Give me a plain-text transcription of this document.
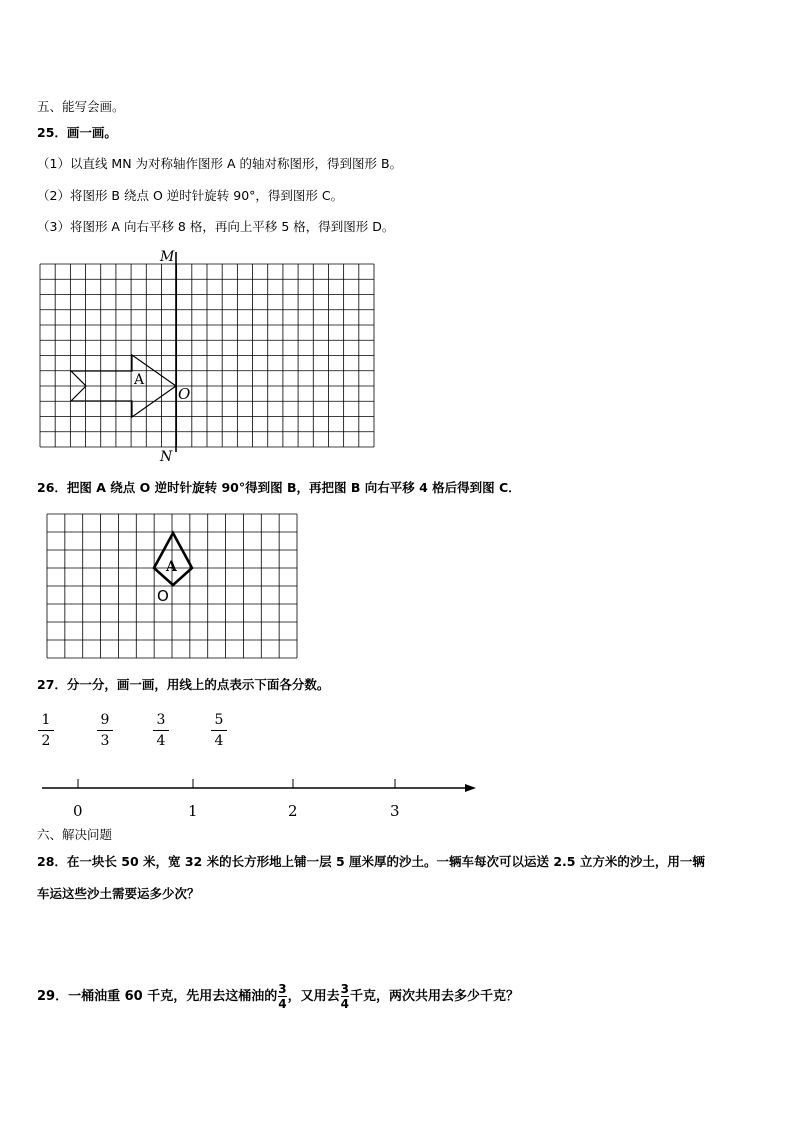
五、能写会画。
25．画一画。
（1）以直线 MN 为对称轴作图形 A 的轴对称图形，得到图形 B。
（2）将图形 B 绕点 O 逆时针旋转 90°，得到图形 C。
（3）将图形 A 向右平移 8 格，再向上平移 5 格，得到图形 D。
M
N
O
A
26．把图 A 绕点 O 逆时针旋转 90°得到图 B，再把图 B 向右平移 4 格后得到图 C．
A
O
27．分一分，画一画，用线上的点表示下面各分数。
1
2
9
3
3
4
5
4
0	1	2	3
六、解决问题
28．在一块长 50 米，宽 32 米的长方形地上铺一层 5 厘米厚的沙土。一辆车每次可以运送 2.5 立方米的沙土，用一辆
车运这些沙土需要运多少次？
29．一桶油重 60 千克，先用去这桶油的 $\frac{3}{4}$ ，又用去 $\frac{3}{4}$ 千克，两次共用去多少千克？
